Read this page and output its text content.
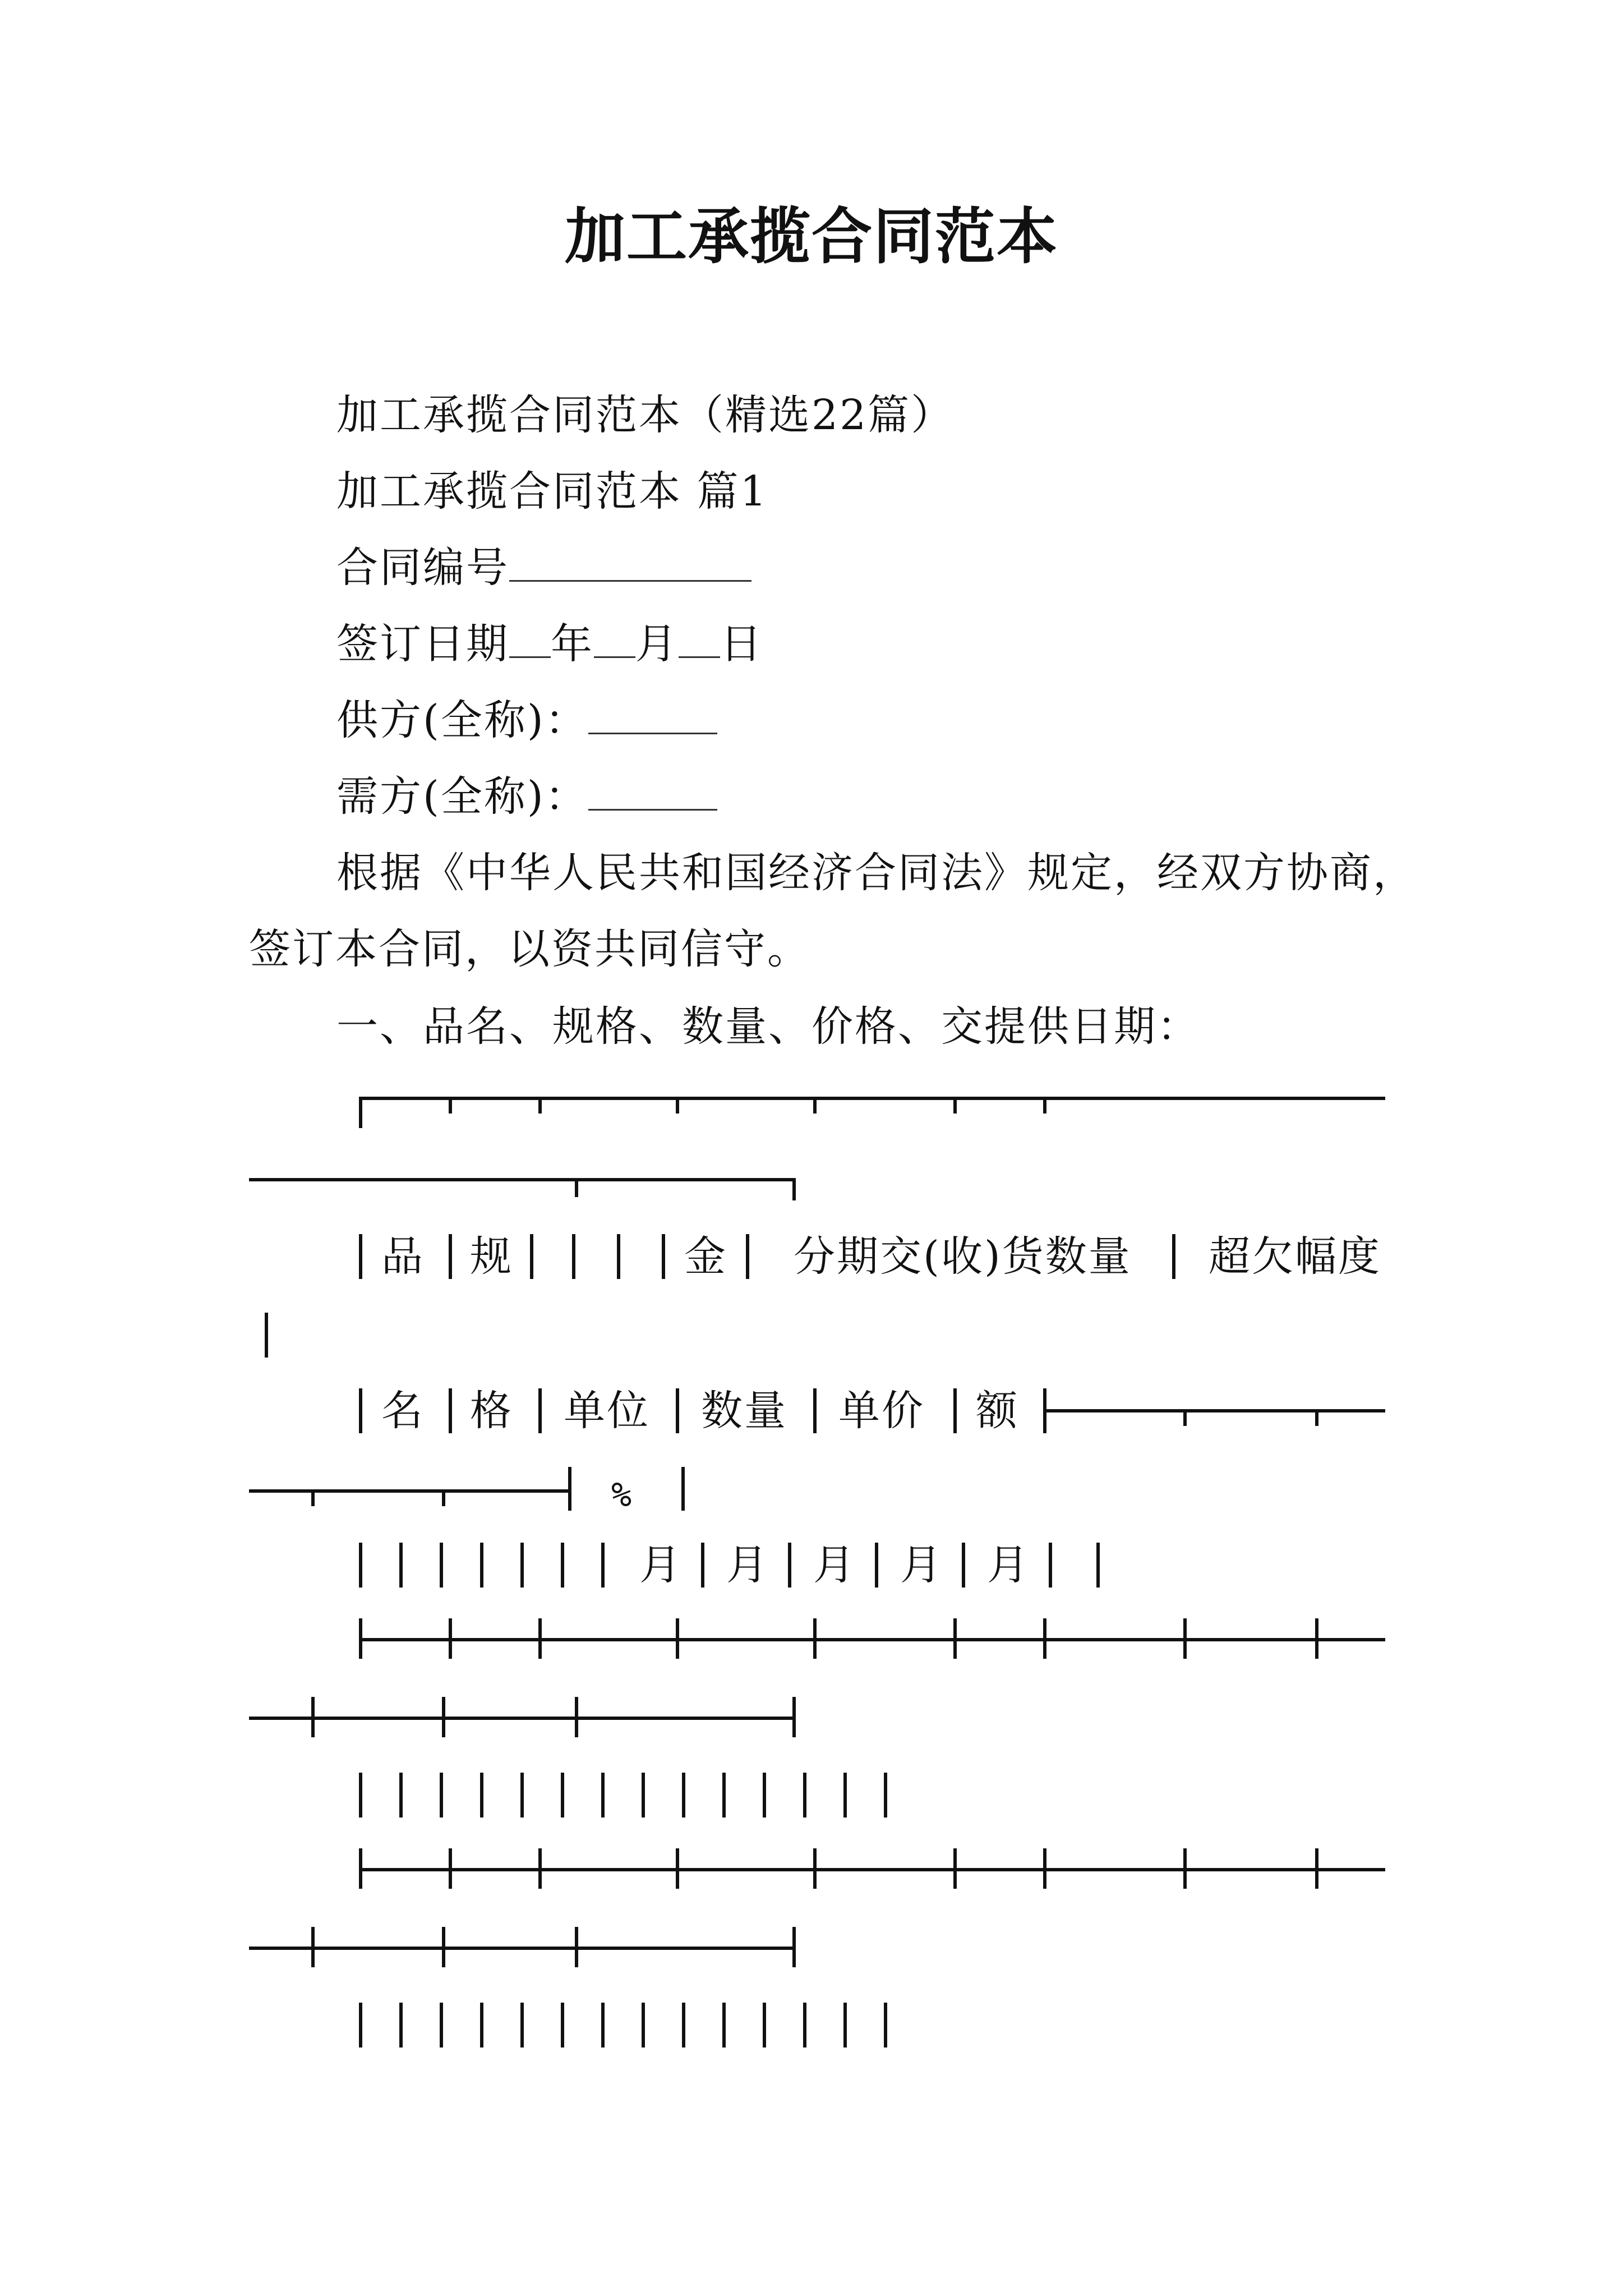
加工承揽合同范本
加工承揽合同范本（精选22篇）
加工承揽合同范本 篇1
合同编号
签订日期 年 月 日
供方(全称)：
需方(全称)：
根据《中华人民共和国经济合同法》规定，经双方协商，
签订本合同，以资共同信守。
一、品名、规格、数量、价格、交提供日期：
品 规	金 分期交(收)货数量 超欠幅度
名 格 单位 数量 单价 额
%
月 月 月 月 月
